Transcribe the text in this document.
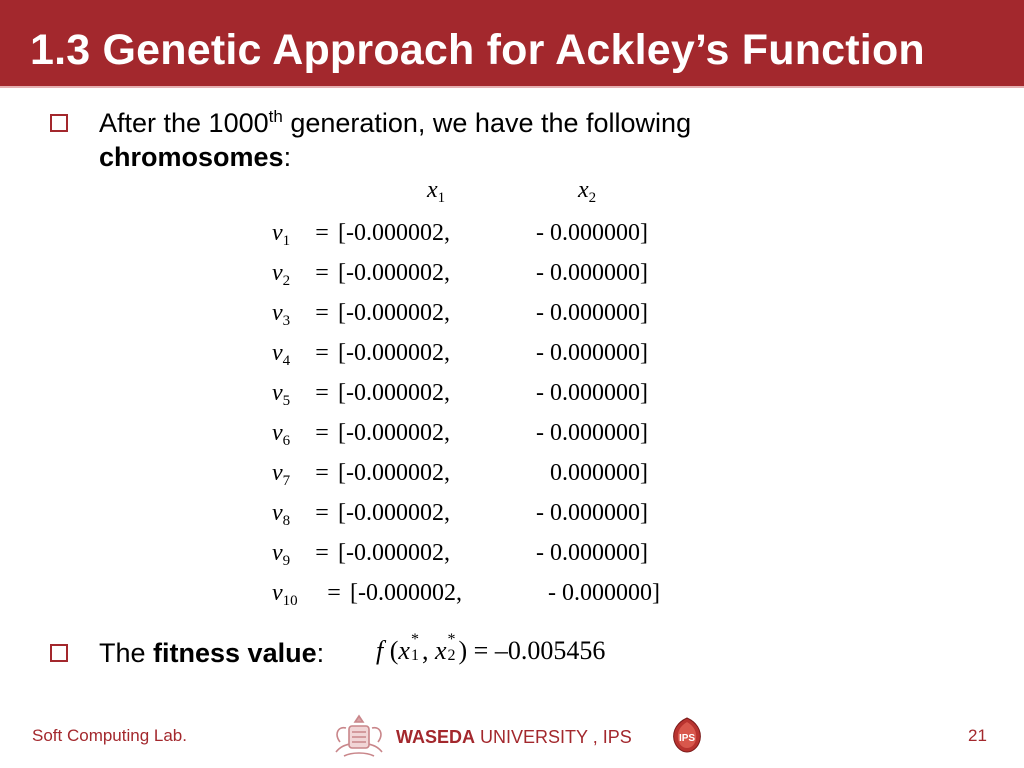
1.3 Genetic Approach for Ackley’s Function
After the 1000th generation, we have the following
chromosomes:
$x_1$	$x_2$
$v_1 = [-0.000002$,	- 0.000000]
$v_2 = [-0.000002$,	- 0.000000]
$v_3 = [-0.000002$,	- 0.000000]
$v_4 = [-0.000002$,	- 0.000000]
$v_5 = [-0.000002$,	- 0.000000]
$v_6 = [-0.000002$,	- 0.000000]
$v_7 = [-0.000002$,	0.000000]
$v_8 = [-0.000002$,	- 0.000000]
$v_9 = [-0.000002$,	- 0.000000]
$v_{10} = [-0.000002$,	- 0.000000]
The fitness value: f (x *
1 , x *
2 ) = –0.005456
Soft Computing Lab.	WASEDA UNIVERSITY , IPS	IPS	21
